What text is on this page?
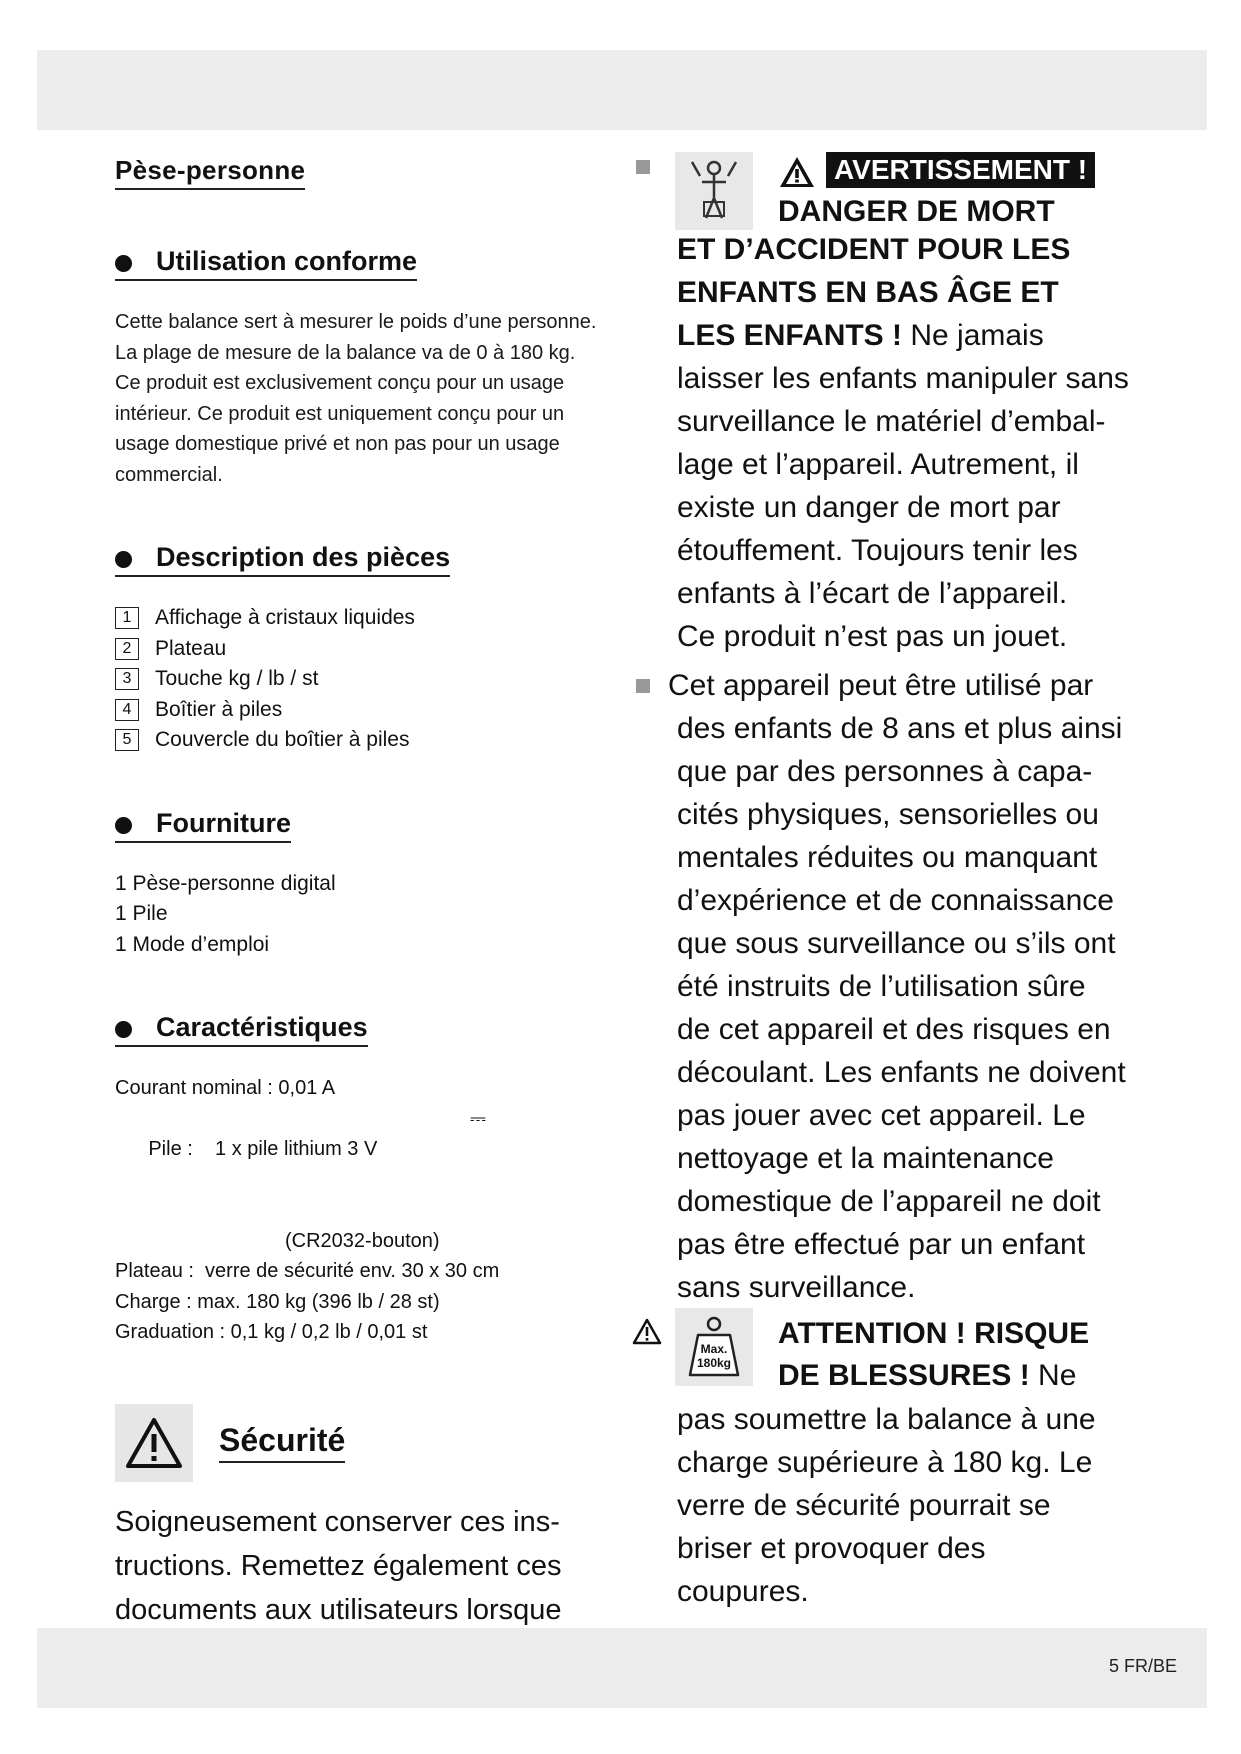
Pèse-personne
Utilisation conforme

Cette balance sert à mesurer le poids d’une personne.

La plage de mesure de la balance va de 0 à 180 kg.

Ce produit est exclusivement conçu pour un usage

intérieur. Ce produit est uniquement conçu pour un

usage domestique privé et non pas pour un usage

commercial.

Description des pièces
1	Affichage à cristaux liquides
2	Plateau
3	Touche kg / lb / st
4	Boîtier à piles
5	Couvercle du boîtier à piles
Fourniture
1 Pèse-personne digital
1 Pile
1 Mode d’emploi
Caractéristiques
Courant nominal : 0,01 A

Pile :    1 x pile lithium 3 V

⎓

(CR2032-bouton)
Plateau :  verre de sécurité env. 30 x 30 cm
Charge : max. 180 kg (396 lb / 28 st)
Graduation : 0,1 kg / 0,2 lb / 0,01 st
Sécurité

Soigneusement conserver ces ins-

tructions. Remettez également ces

documents aux utilisateurs lorsque

AVERTISSEMENT !
DANGER DE MORT
ET D’ACCIDENT POUR LES
ENFANTS EN BAS ÂGE ET
LES ENFANTS ! Ne jamais
laisser les enfants manipuler sans
surveillance le matériel d’embal-
lage et l’appareil. Autrement, il
existe un danger de mort par
étouffement. Toujours tenir les
enfants à l’écart de l’appareil.
Ce produit n’est pas un jouet.
Cet appareil peut être utilisé par
des enfants de 8 ans et plus ainsi
que par des personnes à capa-
cités physiques, sensorielles ou
mentales réduites ou manquant
d’expérience et de connaissance
que sous surveillance ou s’ils ont
été instruits de l’utilisation sûre
de cet appareil et des risques en
découlant. Les enfants ne doivent
pas jouer avec cet appareil. Le
nettoyage et la maintenance
domestique de l’appareil ne doit
pas être effectué par un enfant
sans surveillance.
Max.
180kg
ATTENTION ! RISQUE
DE BLESSURES ! Ne
pas soumettre la balance à une
charge supérieure à 180 kg. Le
verre de sécurité pourrait se
briser et provoquer des
coupures.
5 FR/BE
